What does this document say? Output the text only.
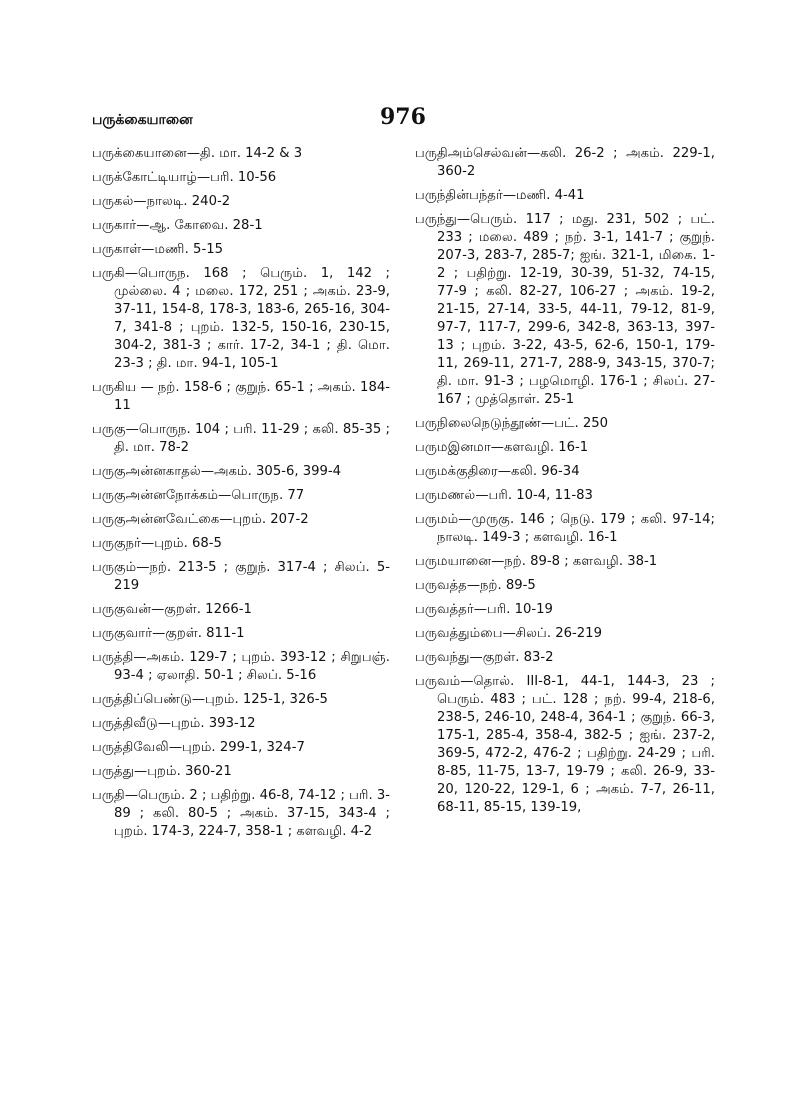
பருக்கையானை	976
பருக்கையானை—தி. மா. 14-2 & 3
பருக்கோட்டியாழ்—பரி. 10-56
பருகல்—நாலடி. 240-2
பருகார்—ஆ. கோவை. 28-1
பருகாள்—மணி. 5-15
பருகி—பொருந. 168 ; பெரும். 1, 142 ; முல்லை. 4 ; மலை. 172, 251 ; அகம். 23-9, 37-11, 154-8, 178-3, 183-6, 265-16, 304-7, 341-8 ; புறம். 132-5, 150-16, 230-15, 304-2, 381-3 ; கார். 17-2, 34-1 ; தி. மொ. 23-3 ; தி. மா. 94-1, 105-1
பருகிய — நற். 158-6 ; குறுந். 65-1 ; அகம். 184-11
பருகு—பொருந. 104 ; பரி. 11-29 ; கலி. 85-35 ; தி. மா. 78-2
பருகுஅன்னகாதல்—அகம். 305-6, 399-4
பருகுஅன்னநோக்கம்—பொருந. 77
பருகுஅன்னவேட்கை—புறம். 207-2
பருகுநர்—புறம். 68-5
பருகும்—நற். 213-5 ; குறுந். 317-4 ; சிலப். 5-219
பருகுவன்—குறள். 1266-1
பருகுவார்—குறள். 811-1
பருத்தி—அகம். 129-7 ; புறம். 393-12 ; சிறுபஞ். 93-4 ; ஏலாதி. 50-1 ; சிலப். 5-16
பருத்திப்பெண்டு—புறம். 125-1, 326-5
பருத்திவீடு—புறம். 393-12
பருத்திவேலி—புறம். 299-1, 324-7
பருத்து—புறம். 360-21
பருதி—பெரும். 2 ; பதிற்று. 46-8, 74-12 ; பரி. 3-89 ; கலி. 80-5 ; அகம். 37-15, 343-4 ; புறம். 174-3, 224-7, 358-1 ; களவழி. 4-2
பருதிஅம்செல்வன்—கலி. 26-2 ; அகம். 229-1, 360-2
பருந்தின்பந்தர்—மணி. 4-41
பருந்து—பெரும். 117 ; மது. 231, 502 ; பட். 233 ; மலை. 489 ; நற். 3-1, 141-7 ; குறுந். 207-3, 283-7, 285-7; ஐங். 321-1, மிகை. 1-2 ; பதிற்று. 12-19, 30-39, 51-32, 74-15, 77-9 ; கலி. 82-27, 106-27 ; அகம். 19-2, 21-15, 27-14, 33-5, 44-11, 79-12, 81-9, 97-7, 117-7, 299-6, 342-8, 363-13, 397-13 ; புறம். 3-22, 43-5, 62-6, 150-1, 179-11, 269-11, 271-7, 288-9, 343-15, 370-7; தி. மா. 91-3 ; பழமொழி. 176-1 ; சிலப். 27-167 ; முத்தொள். 25-1
பருநிலைநெடுந்தூண்—பட். 250
பருமஇனமா—களவழி. 16-1
பருமக்குதிரை—கலி. 96-34
பருமணல்—பரி. 10-4, 11-83
பருமம்—முருகு. 146 ; நெடு. 179 ; கலி. 97-14; நாலடி. 149-3 ; களவழி. 16-1
பருமயானை—நற். 89-8 ; களவழி. 38-1
பருவத்த—நற். 89-5
பருவத்தர்—பரி. 10-19
பருவத்தும்பை—சிலப். 26-219
பருவந்து—குறள். 83-2
பருவம்—தொல். III-8-1, 44-1, 144-3, 23 ; பெரும். 483 ; பட். 128 ; நற். 99-4, 218-6, 238-5, 246-10, 248-4, 364-1 ; குறுந். 66-3, 175-1, 285-4, 358-4, 382-5 ; ஐங். 237-2, 369-5, 472-2, 476-2 ; பதிற்று. 24-29 ; பரி. 8-85, 11-75, 13-7, 19-79 ; கலி. 26-9, 33-20, 120-22, 129-1, 6 ; அகம். 7-7, 26-11, 68-11, 85-15, 139-19,
